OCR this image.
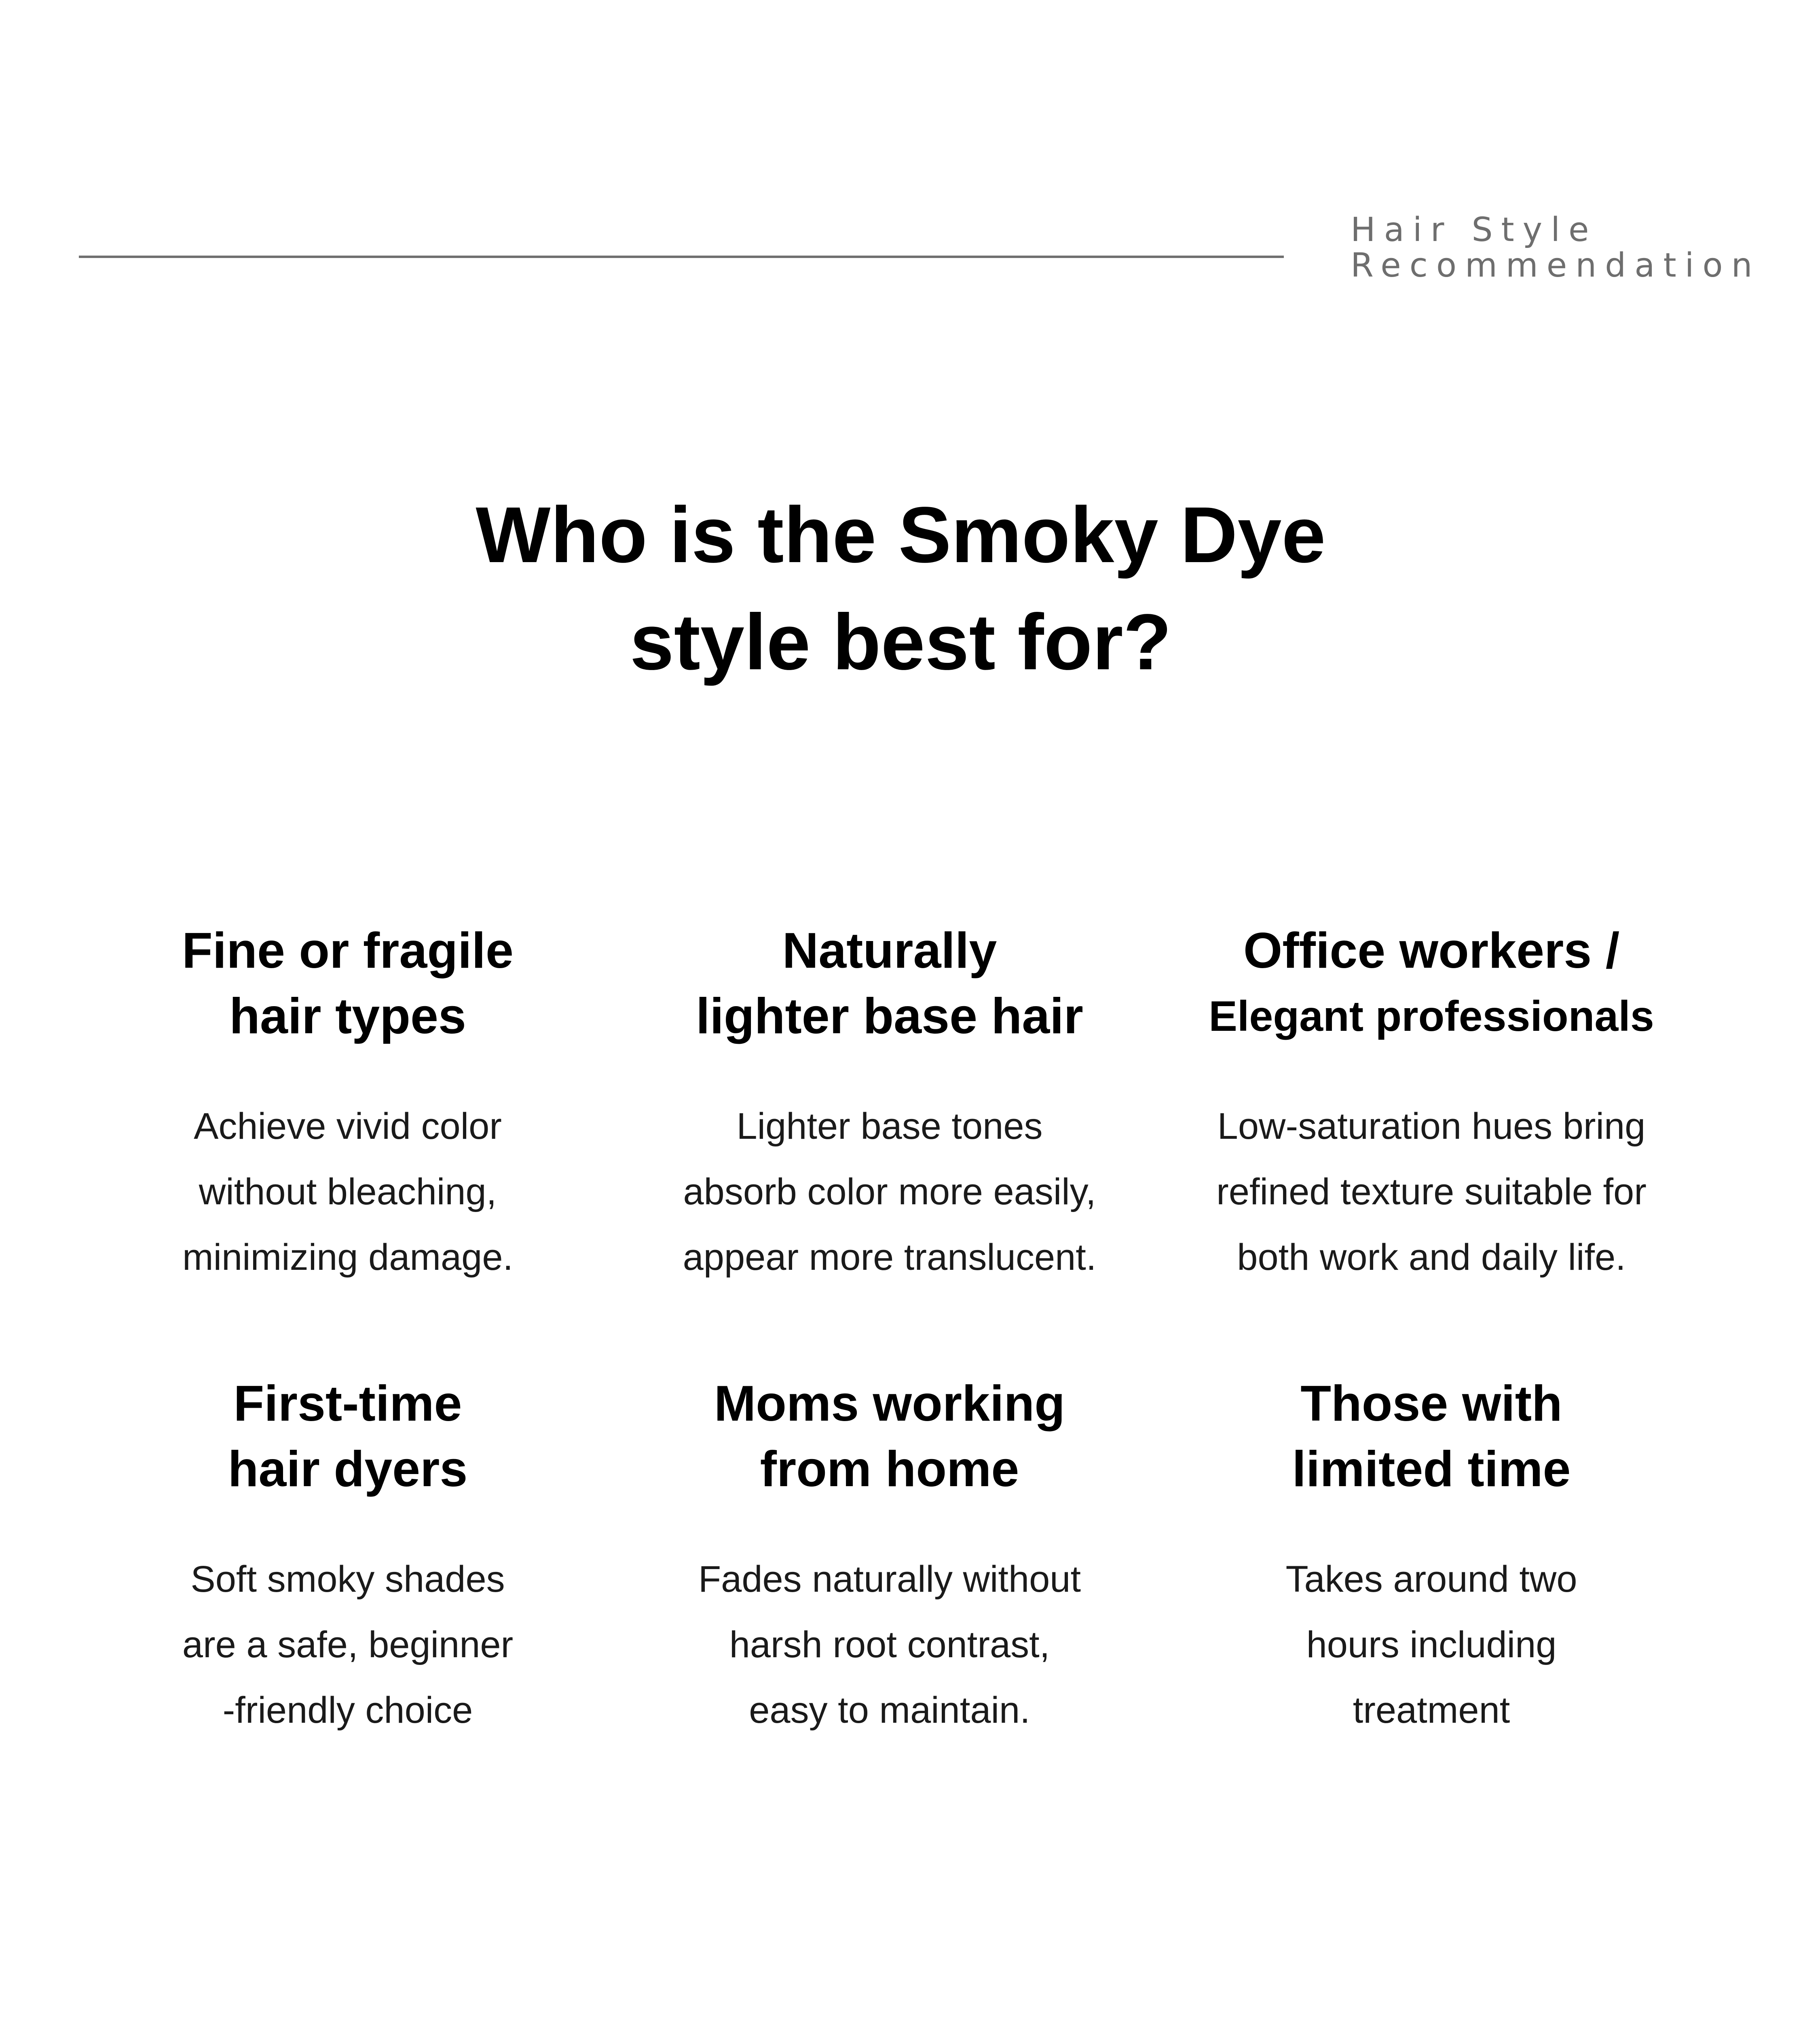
Hair Style
Recommendation
Who is the Smoky Dye
style best for?
Fine or fragile
hair types
Achieve vivid color
without bleaching,
minimizing damage.
Naturally
lighter base hair
Lighter base tones
absorb color more easily,
appear more translucent.
Office workers /
Elegant professionals
Low-saturation hues bring
refined texture suitable for
both work and daily life.
First-time
hair dyers
Soft smoky shades
are a safe, beginner
-friendly choice
Moms working
from home
Fades naturally without
harsh root contrast,
easy to maintain.
Those with
limited time
Takes around two
hours including
treatment
